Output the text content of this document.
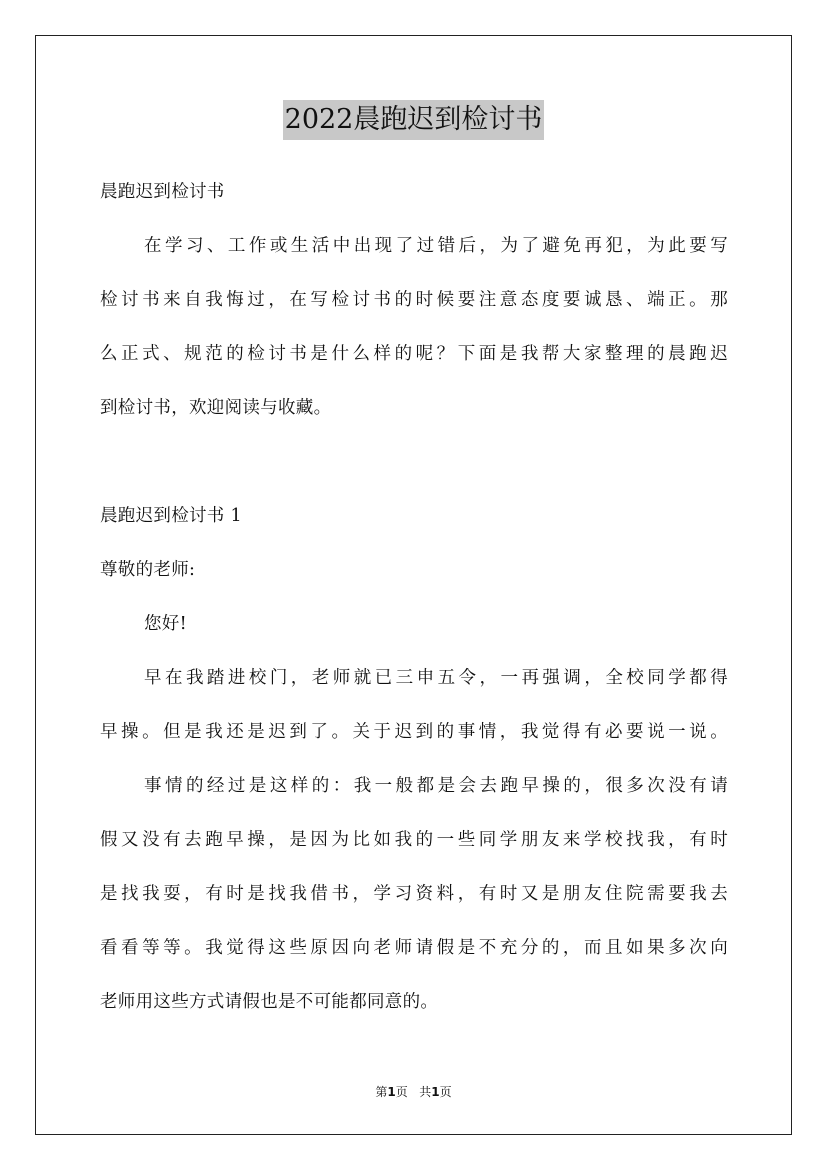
2022晨跑迟到检讨书
晨跑迟到检讨书
在学习、工作或生活中出现了过错后，为了避免再犯，为此要写
检讨书来自我悔过，在写检讨书的时候要注意态度要诚恳、端正。那
么正式、规范的检讨书是什么样的呢？下面是我帮大家整理的晨跑迟
到检讨书，欢迎阅读与收藏。
晨跑迟到检讨书 1
尊敬的老师:
您好!
早在我踏进校门，老师就已三申五令，一再强调，全校同学都得
早操。但是我还是迟到了。关于迟到的事情，我觉得有必要说一说。
事情的经过是这样的：我一般都是会去跑早操的，很多次没有请
假又没有去跑早操，是因为比如我的一些同学朋友来学校找我，有时
是找我耍，有时是找我借书，学习资料，有时又是朋友住院需要我去
看看等等。我觉得这些原因向老师请假是不充分的，而且如果多次向
老师用这些方式请假也是不可能都同意的。
第1页 共1页
